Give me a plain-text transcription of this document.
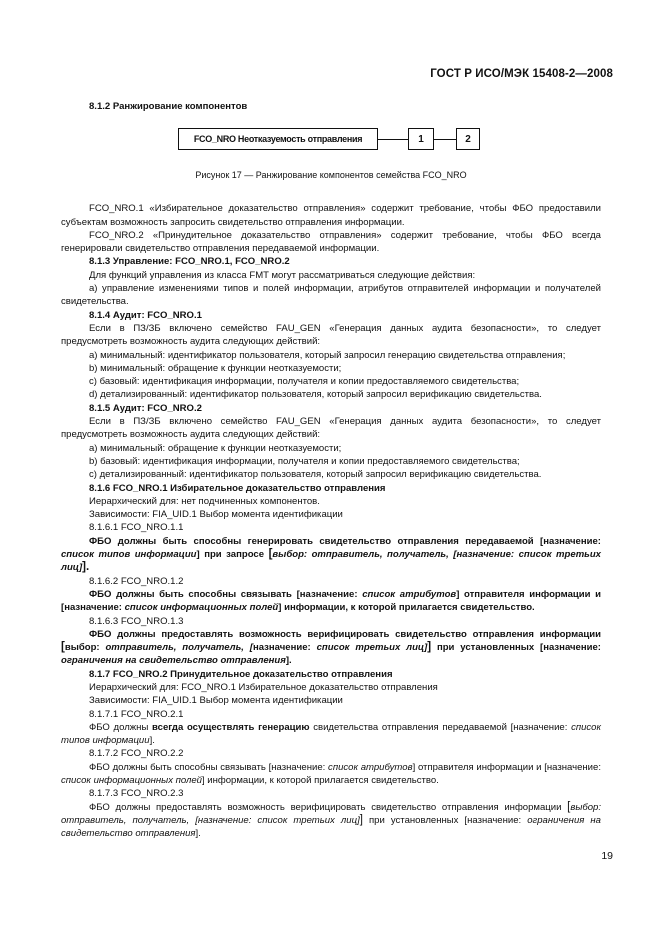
ГОСТ Р ИСО/МЭК 15408-2—2008

8.1.2 Ранжирование компонентов

FCO_NRO Неотказуемость отправления	1	2
Рисунок 17 — Ранжирование компонентов семейства FCO_NRO

FCO_NRO.1 «Избирательное доказательство отправления» содержит требование, чтобы ФБО предоставили субъектам возможность запросить свидетельство отправления информации.

FCO_NRO.2 «Принудительное доказательство отправления» содержит требование, чтобы ФБО всегда генерировали свидетельство отправления передаваемой информации.

8.1.3 Управление: FCO_NRO.1, FCO_NRO.2

Для функций управления из класса FMT могут рассматриваться следующие действия:

а) управление изменениями типов и полей информации, атрибутов отправителей информации и получателей свидетельства.

8.1.4 Аудит: FCO_NRO.1

Если в ПЗ/ЗБ включено семейство FAU_GEN «Генерация данных аудита безопасности», то следует предусмотреть возможность аудита следующих действий:

а) минимальный: идентификатор пользователя, который запросил генерацию свидетельства отправления;

b) минимальный: обращение к функции неотказуемости;

c) базовый: идентификация информации, получателя и копии предоставляемого свидетельства;

d) детализированный: идентификатор пользователя, который запросил верификацию свидетельства.

8.1.5 Аудит: FCO_NRO.2

Если в ПЗ/ЗБ включено семейство FAU_GEN «Генерация данных аудита безопасности», то следует предусмотреть возможность аудита следующих действий:

а) минимальный: обращение к функции неотказуемости;

b) базовый: идентификация информации, получателя и копии предоставляемого свидетельства;

c) детализированный: идентификатор пользователя, который запросил верификацию свидетельства.

8.1.6 FCO_NRO.1 Избирательное доказательство отправления

Иерархический для: нет подчиненных компонентов.

Зависимости: FIA_UID.1 Выбор момента идентификации

8.1.6.1 FCO_NRO.1.1

ФБО должны быть способны генерировать свидетельство отправления передаваемой [назначение: список типов информации] при запросе [выбор: отправитель, получатель, [назначение: список третьих лиц]].

8.1.6.2 FCO_NRO.1.2

ФБО должны быть способны связывать [назначение: список атрибутов] отправителя информации и [назначение: список информационных полей] информации, к которой прилагается свидетельство.

8.1.6.3 FCO_NRO.1.3

ФБО должны предоставлять возможность верифицировать свидетельство отправления информации [выбор: отправитель, получатель, [назначение: список третьих лиц]] при установленных [назначение: ограничения на свидетельство отправления].

8.1.7 FCO_NRO.2 Принудительное доказательство отправления

Иерархический для: FCO_NRO.1 Избирательное доказательство отправления

Зависимости: FIA_UID.1 Выбор момента идентификации

8.1.7.1 FCO_NRO.2.1

ФБО должны всегда осуществлять генерацию свидетельства отправления передаваемой [назначение: список типов информации].

8.1.7.2 FCO_NRO.2.2

ФБО должны быть способны связывать [назначение: список атрибутов] отправителя информации и [назначение: список информационных полей] информации, к которой прилагается свидетельство.

8.1.7.3 FCO_NRO.2.3

ФБО должны предоставлять возможность верифицировать свидетельство отправления информации [выбор: отправитель, получатель, [назначение: список третьих лиц]] при установленных [назначение: ограничения на свидетельство отправления].

19
